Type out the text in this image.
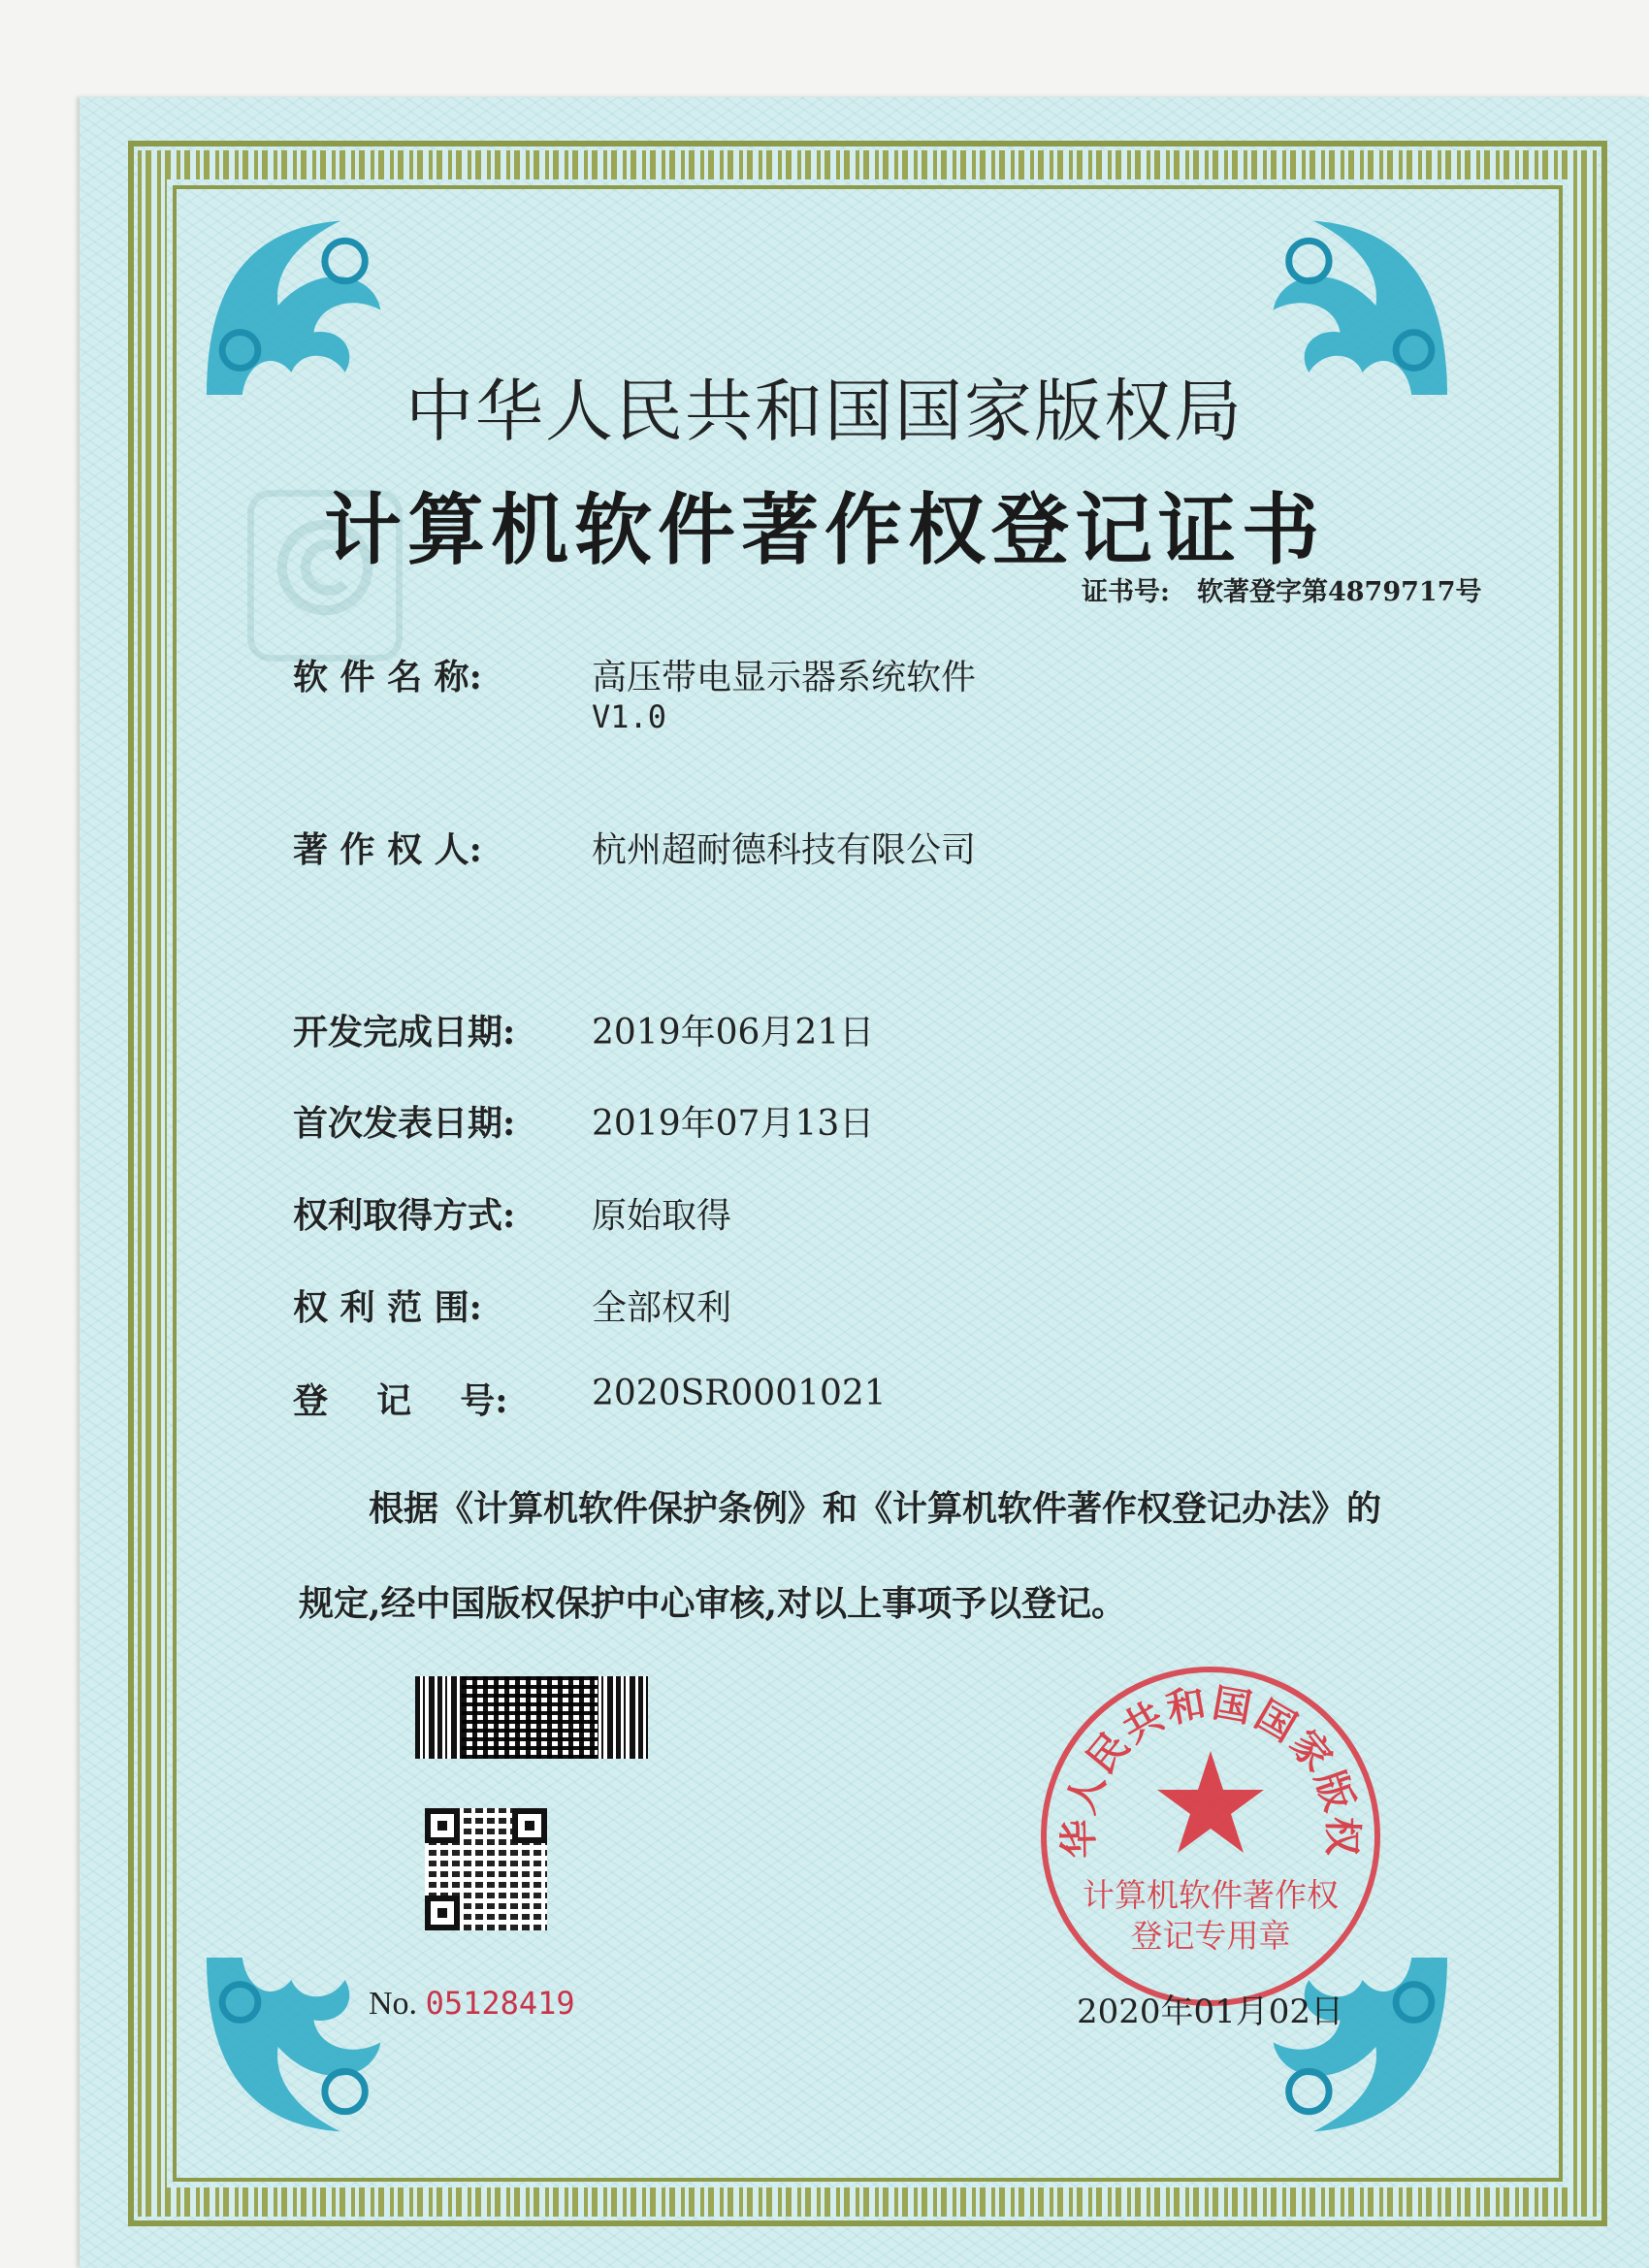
中华人民共和国国家版权局
计算机软件著作权登记证书
证书号: 软著登字第4879717号
软 件 名 称:	高压带电显示器系统软件
V1.0
著 作 权 人:	杭州超耐德科技有限公司
开发完成日期:	2019年06月21日
首次发表日期:	2019年07月13日
权利取得方式:	原始取得
权 利 范 围:	全部权利
登    记    号:	2020SR0001021
根据《计算机软件保护条例》和《计算机软件著作权登记办法》的
规定,经中国版权保护中心审核,对以上事项予以登记。
No. 05128419
华人民共和国国家版权
计算机软件著作权
登记专用章
2020年01月02日
